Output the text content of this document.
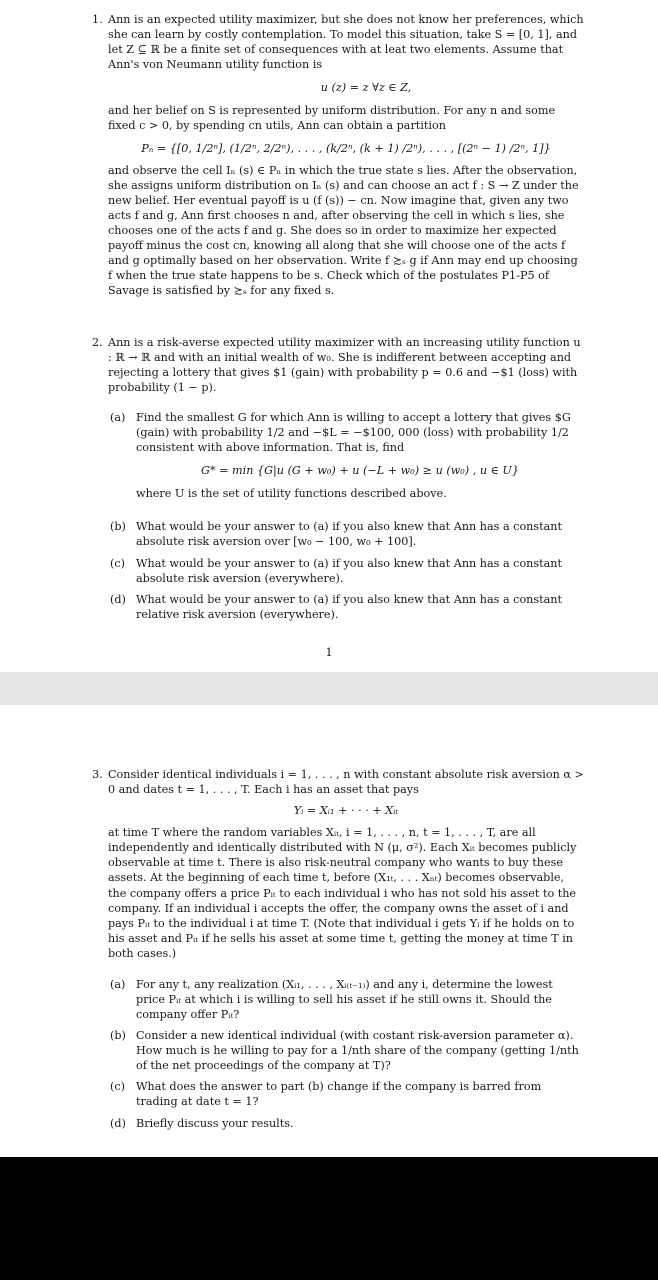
1. Ann is an expected utility maximizer, but she does not know her preferences, which she can learn by costly contemplation. To model this situation, take S = [0, 1], and let Z ⊆ ℝ be a finite set of consequences with at leat two elements. Assume that Ann's von Neumann utility function is

u (z) = z ∀z ∈ Z,

and her belief on S is represented by uniform distribution. For any n and some fixed c > 0, by spending cn utils, Ann can obtain a partition

Pₙ = {[0, 1/2ⁿ], (1/2ⁿ, 2/2ⁿ), . . . , (k/2ⁿ, (k + 1) /2ⁿ), . . . , [(2ⁿ − 1) /2ⁿ, 1]}

and observe the cell Iₙ (s) ∈ Pₙ in which the true state s lies. After the observation, she assigns uniform distribution on Iₙ (s) and can choose an act f : S → Z under the new belief. Her eventual payoff is u (f (s)) − cn. Now imagine that, given any two acts f and g, Ann first chooses n and, after observing the cell in which s lies, she chooses one of the acts f and g. She does so in order to maximize her expected payoff minus the cost cn, knowing all along that she will choose one of the acts f and g optimally based on her observation. Write f ≿ₛ g if Ann may end up choosing f when the true state happens to be s. Check which of the postulates P1-P5 of Savage is satisfied by ≿ₛ for any fixed s.

2. Ann is a risk-averse expected utility maximizer with an increasing utility function u : ℝ → ℝ and with an initial wealth of w₀. She is indifferent between accepting and rejecting a lottery that gives $1 (gain) with probability p = 0.6 and −$1 (loss) with probability (1 − p).

(a) Find the smallest G for which Ann is willing to accept a lottery that gives $G (gain) with probability 1/2 and −$L = −$100, 000 (loss) with probability 1/2 consistent with above information. That is, find

G* = min {G|u (G + w₀) + u (−L + w₀) ≥ u (w₀) , u ∈ U}

where U is the set of utility functions described above.

(b) What would be your answer to (a) if you also knew that Ann has a constant absolute risk aversion over [w₀ − 100, w₀ + 100].

(c) What would be your answer to (a) if you also knew that Ann has a constant absolute risk aversion (everywhere).

(d) What would be your answer to (a) if you also knew that Ann has a constant relative risk aversion (everywhere).

1
3. Consider identical individuals i = 1, . . . , n with constant absolute risk aversion α > 0 and dates t = 1, . . . , T. Each i has an asset that pays

Yᵢ = Xᵢ₁ + · · · + Xᵢₜ

at time T where the random variables Xᵢₜ, i = 1, . . . , n, t = 1, . . . , T, are all independently and identically distributed with N (μ, σ²). Each Xᵢₜ becomes publicly observable at time t. There is also risk-neutral company who wants to buy these assets. At the beginning of each time t, before (X₁ₜ, . . . Xₙₜ) becomes observable, the company offers a price Pᵢₜ to each individual i who has not sold his asset to the company. If an individual i accepts the offer, the company owns the asset of i and pays Pᵢₜ to the individual i at time T. (Note that individual i gets Yᵢ if he holds on to his asset and Pᵢₜ if he sells his asset at some time t, getting the money at time T in both cases.)

(a) For any t, any realization (Xᵢ₁, . . . , Xᵢ₍ₜ₋₁₎) and any i, determine the lowest price Pᵢₜ at which i is willing to sell his asset if he still owns it. Should the company offer Pᵢₜ?

(b) Consider a new identical individual (with costant risk-aversion parameter α). How much is he willing to pay for a 1/nth share of the company (getting 1/nth of the net proceedings of the company at T)?

(c) What does the answer to part (b) change if the company is barred from trading at date t = 1?

(d) Briefly discuss your results.
